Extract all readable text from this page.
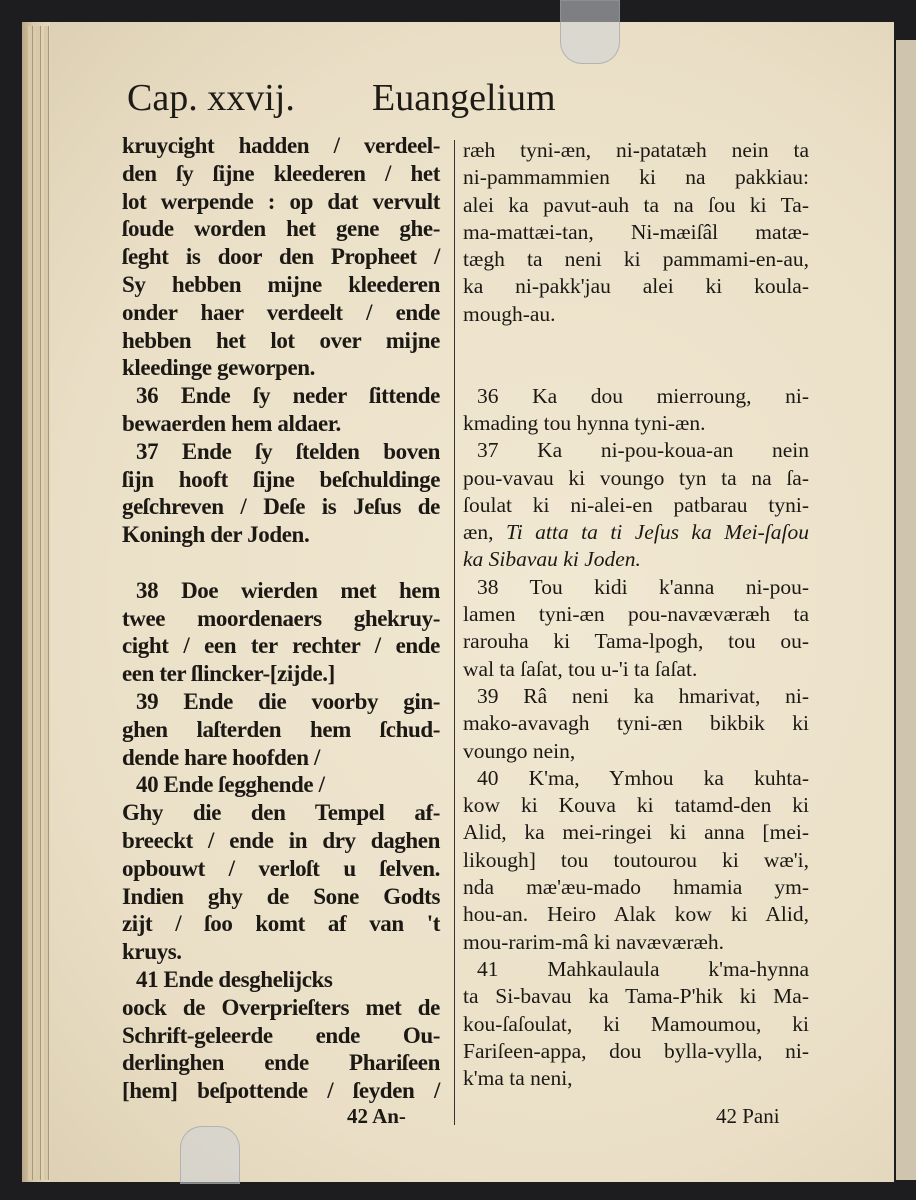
Cap. xxvij. Euangelium
kruycight hadden / verdeel-
den ſy ſijne kleederen / het
lot werpende : op dat vervult
ſoude worden het gene ghe-
ſeght is door den Propheet /
Sy hebben mijne kleederen
onder haer verdeelt / ende
hebben het lot over mijne
kleedinge geworpen.
36 Ende ſy neder ſittende
bewaerden hem aldaer.
37 Ende ſy ſtelden boven
ſijn hooft ſijne beſchuldinge
geſchreven / Deſe is Jeſus de
Koningh der Joden.
38 Doe wierden met hem
twee moordenaers ghekruy-
cight / een ter rechter / ende
een ter ſlincker-[zijde.]
39 Ende die voorby gin-
ghen laſterden hem ſchud-
dende hare hoofden /
40 Ende ſegghende /
Ghy die den Tempel af-
breeckt / ende in dry daghen
opbouwt / verloſt u ſelven.
Indien ghy de Sone Godts
zijt / ſoo komt af van 't
kruys.
41 Ende desghelijcks
oock de Overprieſters met de
Schrift-geleerde ende Ou-
derlinghen ende Phariſeen
[hem] beſpottende / ſeyden /
ræh tyni-æn, ni-patatæh nein ta
ni-pammammien ki na pakkiau:
alei ka pavut-auh ta na ſou ki Ta-
ma-mattæi-tan, Ni-mæiſâl matæ-
tægh ta neni ki pammami-en-au,
ka ni-pakk'jau alei ki koula-
mough-au.
36 Ka dou mierroung, ni-
kmading tou hynna tyni-æn.
37 Ka ni-pou-koua-an nein
pou-vavau ki voungo tyn ta na ſa-
ſoulat ki ni-alei-en patbarau tyni-
æn, Ti atta ta ti Jeſus ka Mei-ſaſou
ka Sibavau ki Joden.
38 Tou kidi k'anna ni-pou-
lamen tyni-æn pou-navæværæh ta
rarouha ki Tama-lpogh, tou ou-
wal ta ſaſat, tou u-'i ta ſaſat.
39 Râ neni ka hmarivat, ni-
mako-avavagh tyni-æn bikbik ki
voungo nein,
40 K'ma, Ymhou ka kuhta-
kow ki Kouva ki tatamd-den ki
Alid, ka mei-ringei ki anna [mei-
likough] tou toutourou ki wæ'i,
nda mæ'æu-mado hmamia ym-
hou-an. Heiro Alak kow ki Alid,
mou-rarim-mâ ki navæværæh.
41 Mahkaulaula k'ma-hynna
ta Si-bavau ka Tama-P'hik ki Ma-
kou-ſaſoulat, ki Mamoumou, ki
Fariſeen-appa, dou bylla-vylla, ni-
k'ma ta neni,
42 An-	42 Pani
